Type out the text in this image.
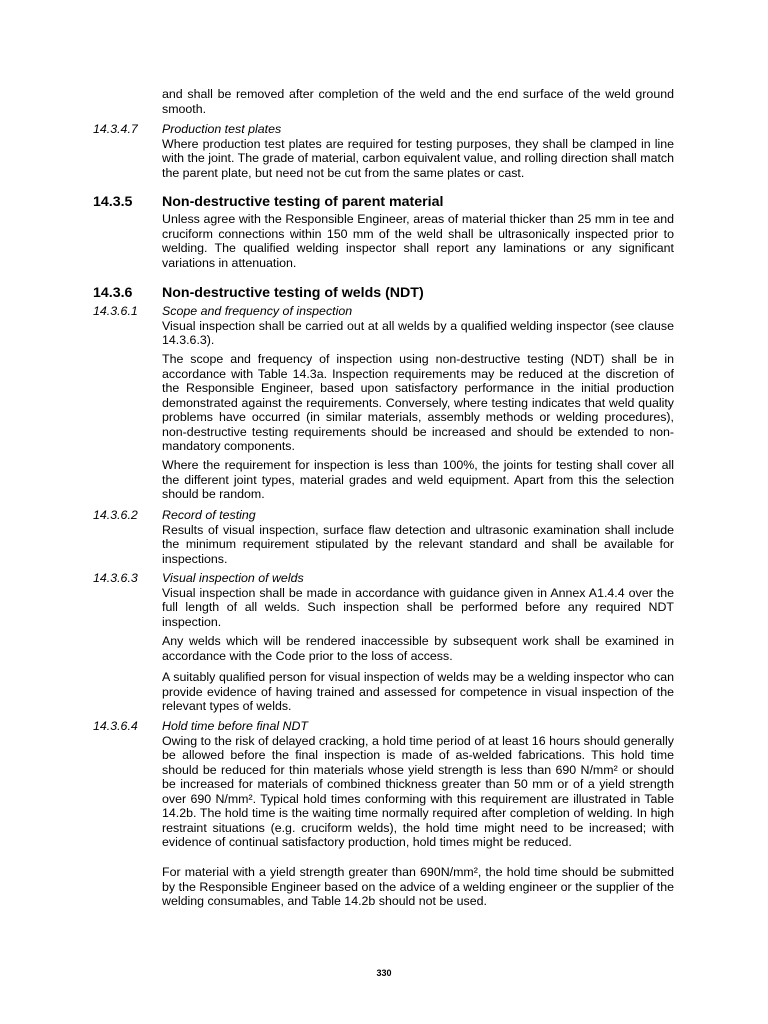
and shall be removed after completion of the weld and the end surface of the weld ground smooth.

14.3.4.7 Production test plates

Where production test plates are required for testing purposes, they shall be clamped in line with the joint. The grade of material, carbon equivalent value, and rolling direction shall match the parent plate, but need not be cut from the same plates or cast.

14.3.5 Non-destructive testing of parent material

Unless agree with the Responsible Engineer, areas of material thicker than 25 mm in tee and cruciform connections within 150 mm of the weld shall be ultrasonically inspected prior to welding. The qualified welding inspector shall report any laminations or any significant variations in attenuation.

14.3.6 Non-destructive testing of welds (NDT)

14.3.6.1 Scope and frequency of inspection

Visual inspection shall be carried out at all welds by a qualified welding inspector (see clause 14.3.6.3).

The scope and frequency of inspection using non-destructive testing (NDT) shall be in accordance with Table 14.3a. Inspection requirements may be reduced at the discretion of the Responsible Engineer, based upon satisfactory performance in the initial production demonstrated against the requirements. Conversely, where testing indicates that weld quality problems have occurred (in similar materials, assembly methods or welding procedures), non-destructive testing requirements should be increased and should be extended to non-mandatory components.

Where the requirement for inspection is less than 100%, the joints for testing shall cover all the different joint types, material grades and weld equipment. Apart from this the selection should be random.

14.3.6.2 Record of testing

Results of visual inspection, surface flaw detection and ultrasonic examination shall include the minimum requirement stipulated by the relevant standard and shall be available for inspections.

14.3.6.3 Visual inspection of welds

Visual inspection shall be made in accordance with guidance given in Annex A1.4.4 over the full length of all welds. Such inspection shall be performed before any required NDT inspection.

Any welds which will be rendered inaccessible by subsequent work shall be examined in accordance with the Code prior to the loss of access.

A suitably qualified person for visual inspection of welds may be a welding inspector who can provide evidence of having trained and assessed for competence in visual inspection of the relevant types of welds.

14.3.6.4 Hold time before final NDT

Owing to the risk of delayed cracking, a hold time period of at least 16 hours should generally be allowed before the final inspection is made of as-welded fabrications. This hold time should be reduced for thin materials whose yield strength is less than 690 N/mm² or should be increased for materials of combined thickness greater than 50 mm or of a yield strength over 690 N/mm². Typical hold times conforming with this requirement are illustrated in Table 14.2b. The hold time is the waiting time normally required after completion of welding. In high restraint situations (e.g. cruciform welds), the hold time might need to be increased; with evidence of continual satisfactory production, hold times might be reduced.

For material with a yield strength greater than 690N/mm², the hold time should be submitted by the Responsible Engineer based on the advice of a welding engineer or the supplier of the welding consumables, and Table 14.2b should not be used.

330
